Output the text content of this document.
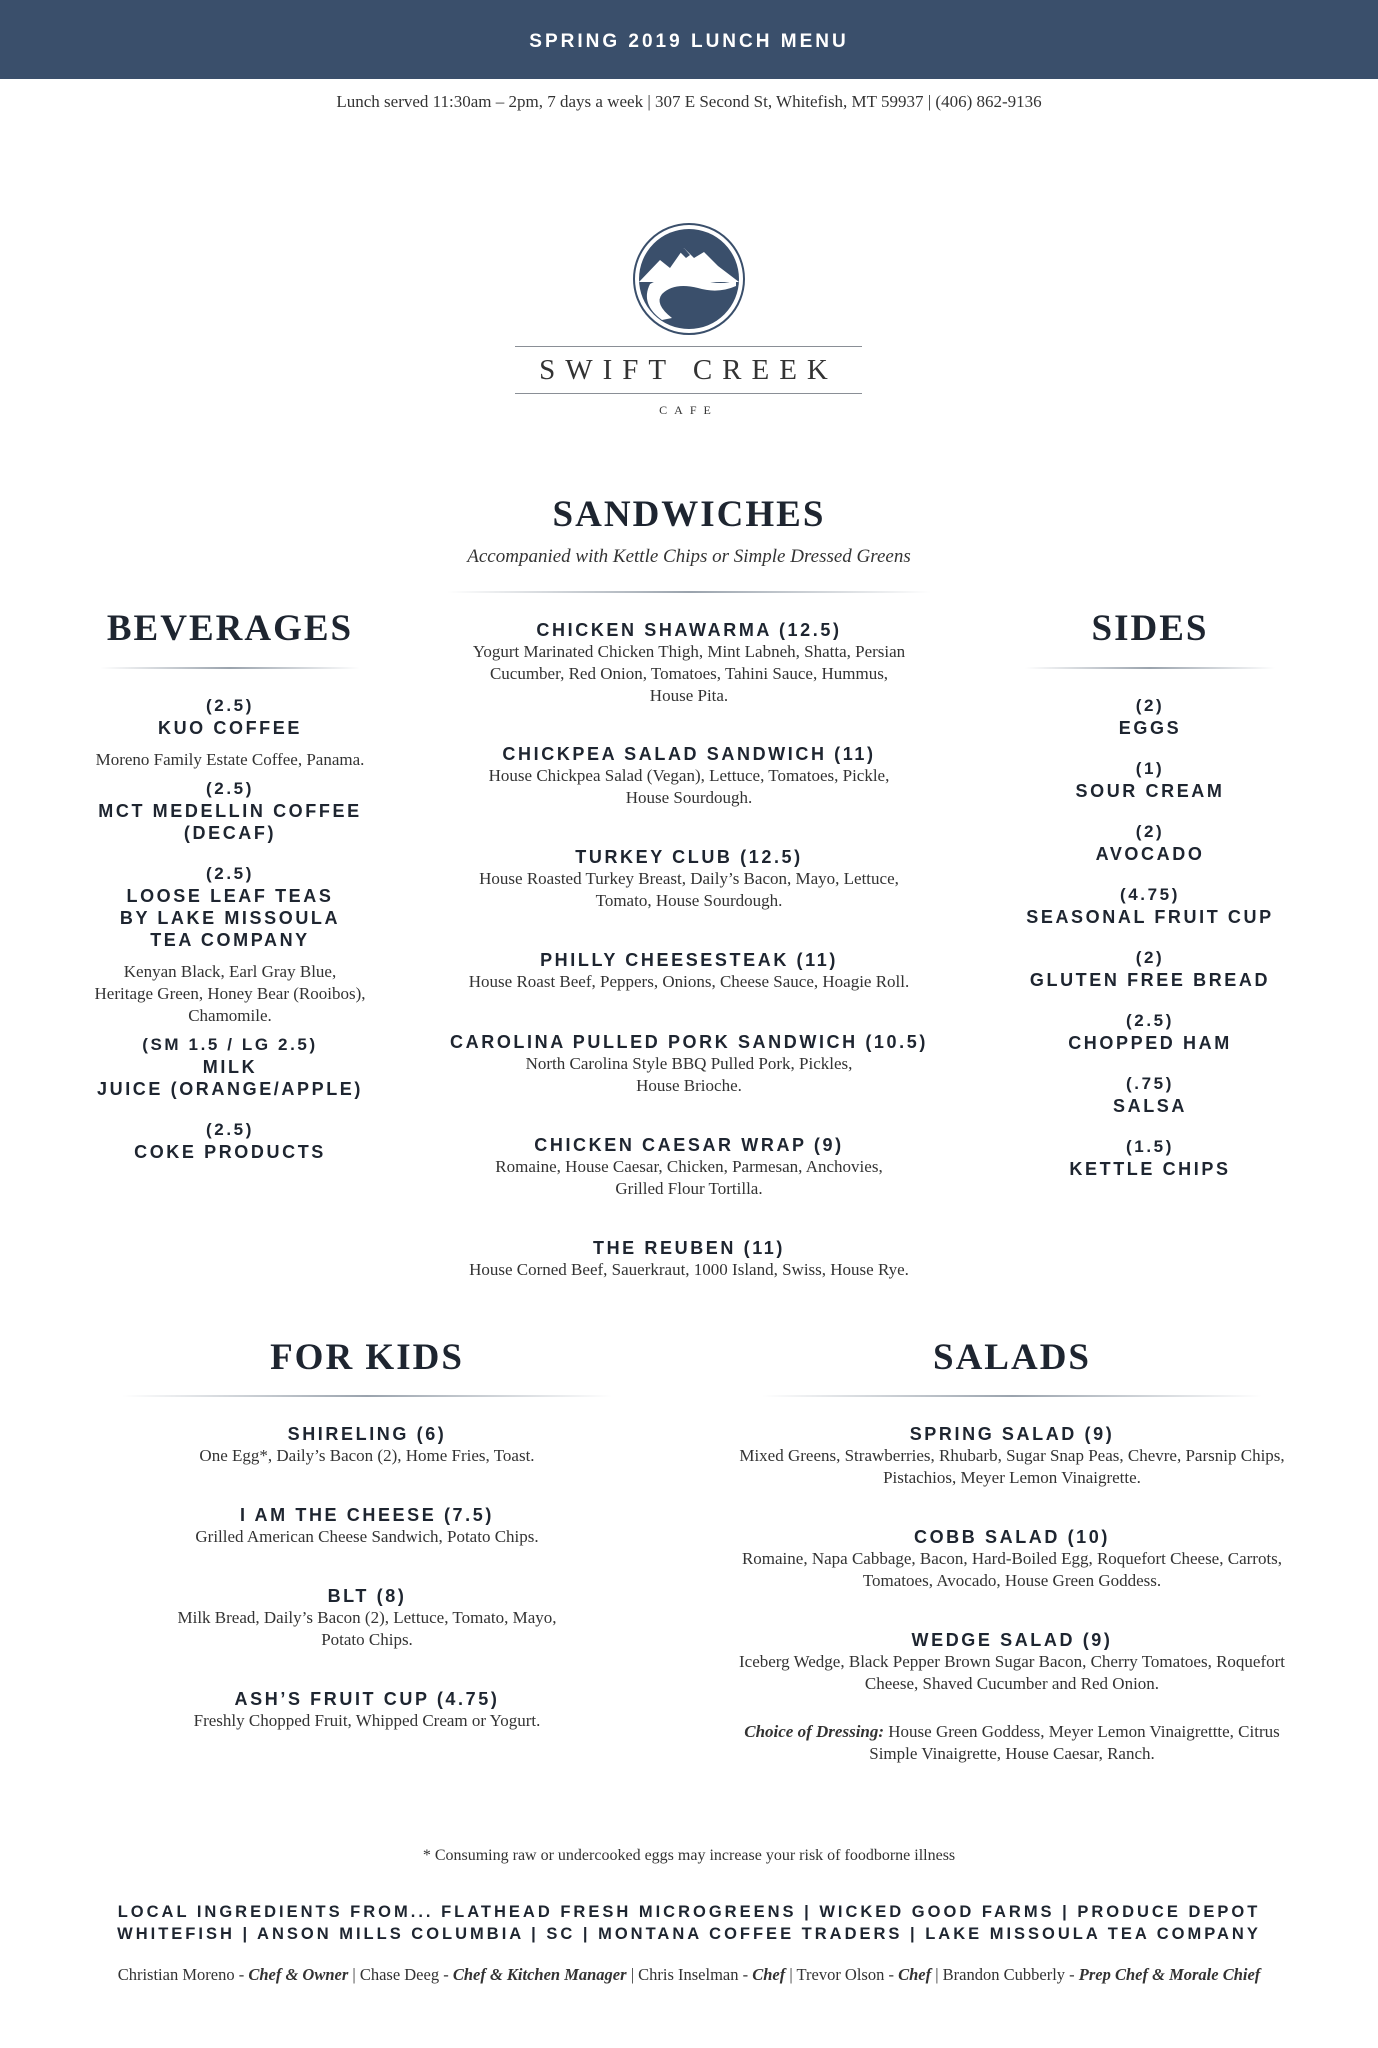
SPRING 2019 LUNCH MENU
Lunch served 11:30am – 2pm, 7 days a week | 307 E Second St, Whitefish, MT 59937 | (406) 862-9136
SWIFT CREEK
CAFE
SANDWICHES
Accompanied with Kettle Chips or Simple Dressed Greens
CHICKEN SHAWARMA (12.5)
Yogurt Marinated Chicken Thigh, Mint Labneh, Shatta, Persian
Cucumber, Red Onion, Tomatoes, Tahini Sauce, Hummus,
House Pita.
CHICKPEA SALAD SANDWICH (11)
House Chickpea Salad (Vegan), Lettuce, Tomatoes, Pickle,
House Sourdough.
TURKEY CLUB (12.5)
House Roasted Turkey Breast, Daily’s Bacon, Mayo, Lettuce,
Tomato, House Sourdough.
PHILLY CHEESESTEAK (11)
House Roast Beef, Peppers, Onions, Cheese Sauce, Hoagie Roll.
CAROLINA PULLED PORK SANDWICH (10.5)
North Carolina Style BBQ Pulled Pork, Pickles,
House Brioche.
CHICKEN CAESAR WRAP (9)
Romaine, House Caesar, Chicken, Parmesan, Anchovies,
Grilled Flour Tortilla.
THE REUBEN (11)
House Corned Beef, Sauerkraut, 1000 Island, Swiss, House Rye.
BEVERAGES
(2.5)
KUO COFFEE
Moreno Family Estate Coffee, Panama.
(2.5)
MCT MEDELLIN COFFEE
(DECAF)
(2.5)
LOOSE LEAF TEAS
BY LAKE MISSOULA
TEA COMPANY
Kenyan Black, Earl Gray Blue,
Heritage Green, Honey Bear (Rooibos),
Chamomile.
(SM 1.5 / LG 2.5)
MILK
JUICE (ORANGE/APPLE)
(2.5)
COKE PRODUCTS
SIDES
(2)
EGGS
(1)
SOUR CREAM
(2)
AVOCADO
(4.75)
SEASONAL FRUIT CUP
(2)
GLUTEN FREE BREAD
(2.5)
CHOPPED HAM
(.75)
SALSA
(1.5)
KETTLE CHIPS
FOR KIDS
SHIRELING (6)
One Egg*, Daily’s Bacon (2), Home Fries, Toast.
I AM THE CHEESE (7.5)
Grilled American Cheese Sandwich, Potato Chips.
BLT (8)
Milk Bread, Daily’s Bacon (2), Lettuce, Tomato, Mayo,
Potato Chips.
ASH’S FRUIT CUP (4.75)
Freshly Chopped Fruit, Whipped Cream or Yogurt.
SALADS
SPRING SALAD (9)
Mixed Greens, Strawberries, Rhubarb, Sugar Snap Peas, Chevre, Parsnip Chips,
Pistachios, Meyer Lemon Vinaigrette.
COBB SALAD (10)
Romaine, Napa Cabbage, Bacon, Hard-Boiled Egg, Roquefort Cheese, Carrots,
Tomatoes, Avocado, House Green Goddess.
WEDGE SALAD (9)
Iceberg Wedge, Black Pepper Brown Sugar Bacon, Cherry Tomatoes, Roquefort
Cheese, Shaved Cucumber and Red Onion.
Choice of Dressing: House Green Goddess, Meyer Lemon Vinaigrettte, Citrus
Simple Vinaigrette, House Caesar, Ranch.
* Consuming raw or undercooked eggs may increase your risk of foodborne illness
LOCAL INGREDIENTS FROM... FLATHEAD FRESH MICROGREENS | WICKED GOOD FARMS | PRODUCE DEPOT
WHITEFISH | ANSON MILLS COLUMBIA | SC | MONTANA COFFEE TRADERS | LAKE MISSOULA TEA COMPANY
Christian Moreno - Chef & Owner | Chase Deeg - Chef & Kitchen Manager | Chris Inselman - Chef | Trevor Olson - Chef | Brandon Cubberly - Prep Chef & Morale Chief
